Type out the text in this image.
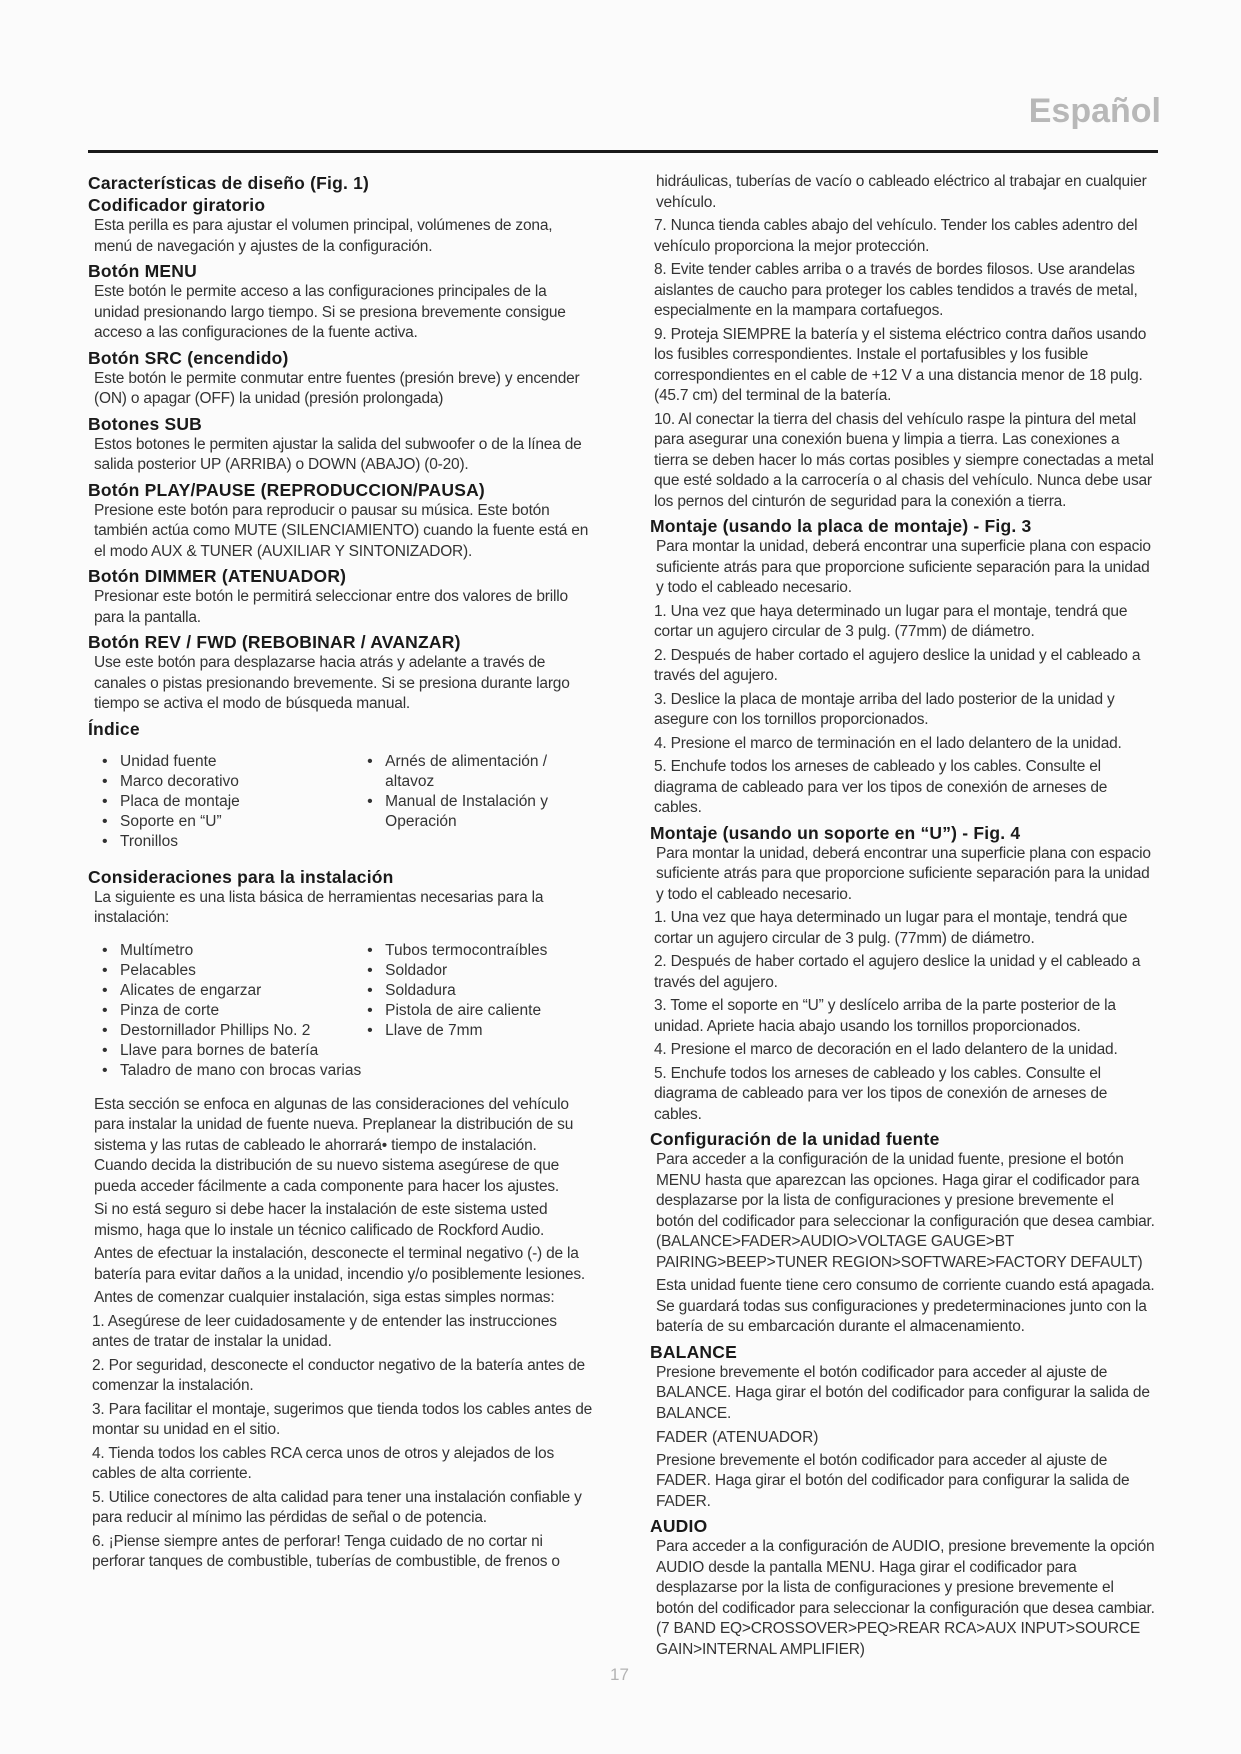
Español

Características de diseño (Fig. 1)

Codificador giratorio

Esta perilla es para ajustar el volumen principal, volúmenes de zona, menú de navegación y ajustes de la configuración.

Botón MENU

Este botón le permite acceso a las configuraciones principales de la unidad presionando largo tiempo. Si se presiona brevemente consigue acceso a las configuraciones de la fuente activa.

Botón SRC (encendido)

Este botón le permite conmutar entre fuentes (presión breve) y encender (ON) o apagar (OFF) la unidad (presión prolongada)

Botones SUB

Estos botones le permiten ajustar la salida del subwoofer o de la línea de salida posterior UP (ARRIBA) o DOWN (ABAJO) (0-20).

Botón PLAY/PAUSE (REPRODUCCION/PAUSA)

Presione este botón para reproducir o pausar su música. Este botón también actúa como MUTE (SILENCIAMIENTO) cuando la fuente está en el modo AUX & TUNER (AUXILIAR Y SINTONIZADOR).

Botón DIMMER (ATENUADOR)

Presionar este botón le permitirá seleccionar entre dos valores de brillo para la pantalla.

Botón REV / FWD (REBOBINAR / AVANZAR)

Use este botón para desplazarse hacia atrás y adelante a través de canales o pistas presionando brevemente. Si se presiona durante largo tiempo se activa el modo de búsqueda manual.

Índice

• Unidad fuente
• Marco decorativo
• Placa de montaje
• Soporte en “U”
• Tronillos
• Arnés de alimentación / altavoz
• Manual de Instalación y Operación

Consideraciones para la instalación

La siguiente es una lista básica de herramientas necesarias para la instalación:

• Multímetro
• Pelacables
• Alicates de engarzar
• Pinza de corte
• Destornillador Phillips No. 2
• Llave para bornes de batería
• Taladro de mano con brocas varias
• Tubos termocontraíbles
• Soldador
• Soldadura
• Pistola de aire caliente
• Llave de 7mm

Esta sección se enfoca en algunas de las consideraciones del vehículo para instalar la unidad de fuente nueva. Preplanear la distribución de su sistema y las rutas de cableado le ahorrará• tiempo de instalación. Cuando decida la distribución de su nuevo sistema asegúrese de que pueda acceder fácilmente a cada componente para hacer los ajustes.

Si no está seguro si debe hacer la instalación de este sistema usted mismo, haga que lo instale un técnico calificado de Rockford Audio.

Antes de efectuar la instalación, desconecte el terminal negativo (-) de la batería para evitar daños a la unidad, incendio y/o posiblemente lesiones.

Antes de comenzar cualquier instalación, siga estas simples normas:

1. Asegúrese de leer cuidadosamente y de entender las instrucciones antes de tratar de instalar la unidad.

2. Por seguridad, desconecte el conductor negativo de la batería antes de comenzar la instalación.

3. Para facilitar el montaje, sugerimos que tienda todos los cables antes de montar su unidad en el sitio.

4. Tienda todos los cables RCA cerca unos de otros y alejados de los cables de alta corriente.

5. Utilice conectores de alta calidad para tener una instalación confiable y para reducir al mínimo las pérdidas de señal o de potencia.

6. ¡Piense siempre antes de perforar! Tenga cuidado de no cortar ni perforar tanques de combustible, tuberías de combustible, de frenos o

hidráulicas, tuberías de vacío o cableado eléctrico al trabajar en cualquier vehículo.

7. Nunca tienda cables abajo del vehículo. Tender los cables adentro del vehículo proporciona la mejor protección.

8. Evite tender cables arriba o a través de bordes filosos. Use arandelas aislantes de caucho para proteger los cables tendidos a través de metal, especialmente en la mampara cortafuegos.

9. Proteja SIEMPRE la batería y el sistema eléctrico contra daños usando los fusibles correspondientes. Instale el portafusibles y los fusible correspondientes en el cable de +12 V a una distancia menor de 18 pulg. (45.7 cm) del terminal de la batería.

10. Al conectar la tierra del chasis del vehículo raspe la pintura del metal para asegurar una conexión buena y limpia a tierra. Las conexiones a tierra se deben hacer lo más cortas posibles y siempre conectadas a metal que esté soldado a la carrocería o al chasis del vehículo. Nunca debe usar los pernos del cinturón de seguridad para la conexión a tierra.

Montaje (usando la placa de montaje) - Fig. 3

Para montar la unidad, deberá encontrar una superficie plana con espacio suficiente atrás para que proporcione suficiente separación para la unidad y todo el cableado necesario.

1. Una vez que haya determinado un lugar para el montaje, tendrá que cortar un agujero circular de 3 pulg. (77mm) de diámetro.

2. Después de haber cortado el agujero deslice la unidad y el cableado a través del agujero.

3. Deslice la placa de montaje arriba del lado posterior de la unidad y asegure con los tornillos proporcionados.

4. Presione el marco de terminación en el lado delantero de la unidad.

5. Enchufe todos los arneses de cableado y los cables. Consulte el diagrama de cableado para ver los tipos de conexión de arneses de cables.

Montaje (usando un soporte en “U”) - Fig. 4

Para montar la unidad, deberá encontrar una superficie plana con espacio suficiente atrás para que proporcione suficiente separación para la unidad y todo el cableado necesario.

1. Una vez que haya determinado un lugar para el montaje, tendrá que cortar un agujero circular de 3 pulg. (77mm) de diámetro.

2. Después de haber cortado el agujero deslice la unidad y el cableado a través del agujero.

3. Tome el soporte en “U” y deslícelo arriba de la parte posterior de la unidad. Apriete hacia abajo usando los tornillos proporcionados.

4. Presione el marco de decoración en el lado delantero de la unidad.

5. Enchufe todos los arneses de cableado y los cables. Consulte el diagrama de cableado para ver los tipos de conexión de arneses de cables.

Configuración de la unidad fuente

Para acceder a la configuración de la unidad fuente, presione el botón MENU hasta que aparezcan las opciones. Haga girar el codificador para desplazarse por la lista de configuraciones y presione brevemente el botón del codificador para seleccionar la configuración que desea cambiar. (BALANCE>FADER>AUDIO>VOLTAGE GAUGE>BT PAIRING>BEEP>TUNER REGION>SOFTWARE>FACTORY DEFAULT)

Esta unidad fuente tiene cero consumo de corriente cuando está apagada. Se guardará todas sus configuraciones y predeterminaciones junto con la batería de su embarcación durante el almacenamiento.

BALANCE

Presione brevemente el botón codificador para acceder al ajuste de BALANCE. Haga girar el botón del codificador para configurar la salida de BALANCE.

FADER (ATENUADOR)

Presione brevemente el botón codificador para acceder al ajuste de FADER. Haga girar el botón del codificador para configurar la salida de FADER.

AUDIO

Para acceder a la configuración de AUDIO, presione brevemente la opción AUDIO desde la pantalla MENU. Haga girar el codificador para desplazarse por la lista de configuraciones y presione brevemente el botón del codificador para seleccionar la configuración que desea cambiar. (7 BAND EQ>CROSSOVER>PEQ>REAR RCA>AUX INPUT>SOURCE GAIN>INTERNAL AMPLIFIER)

17
